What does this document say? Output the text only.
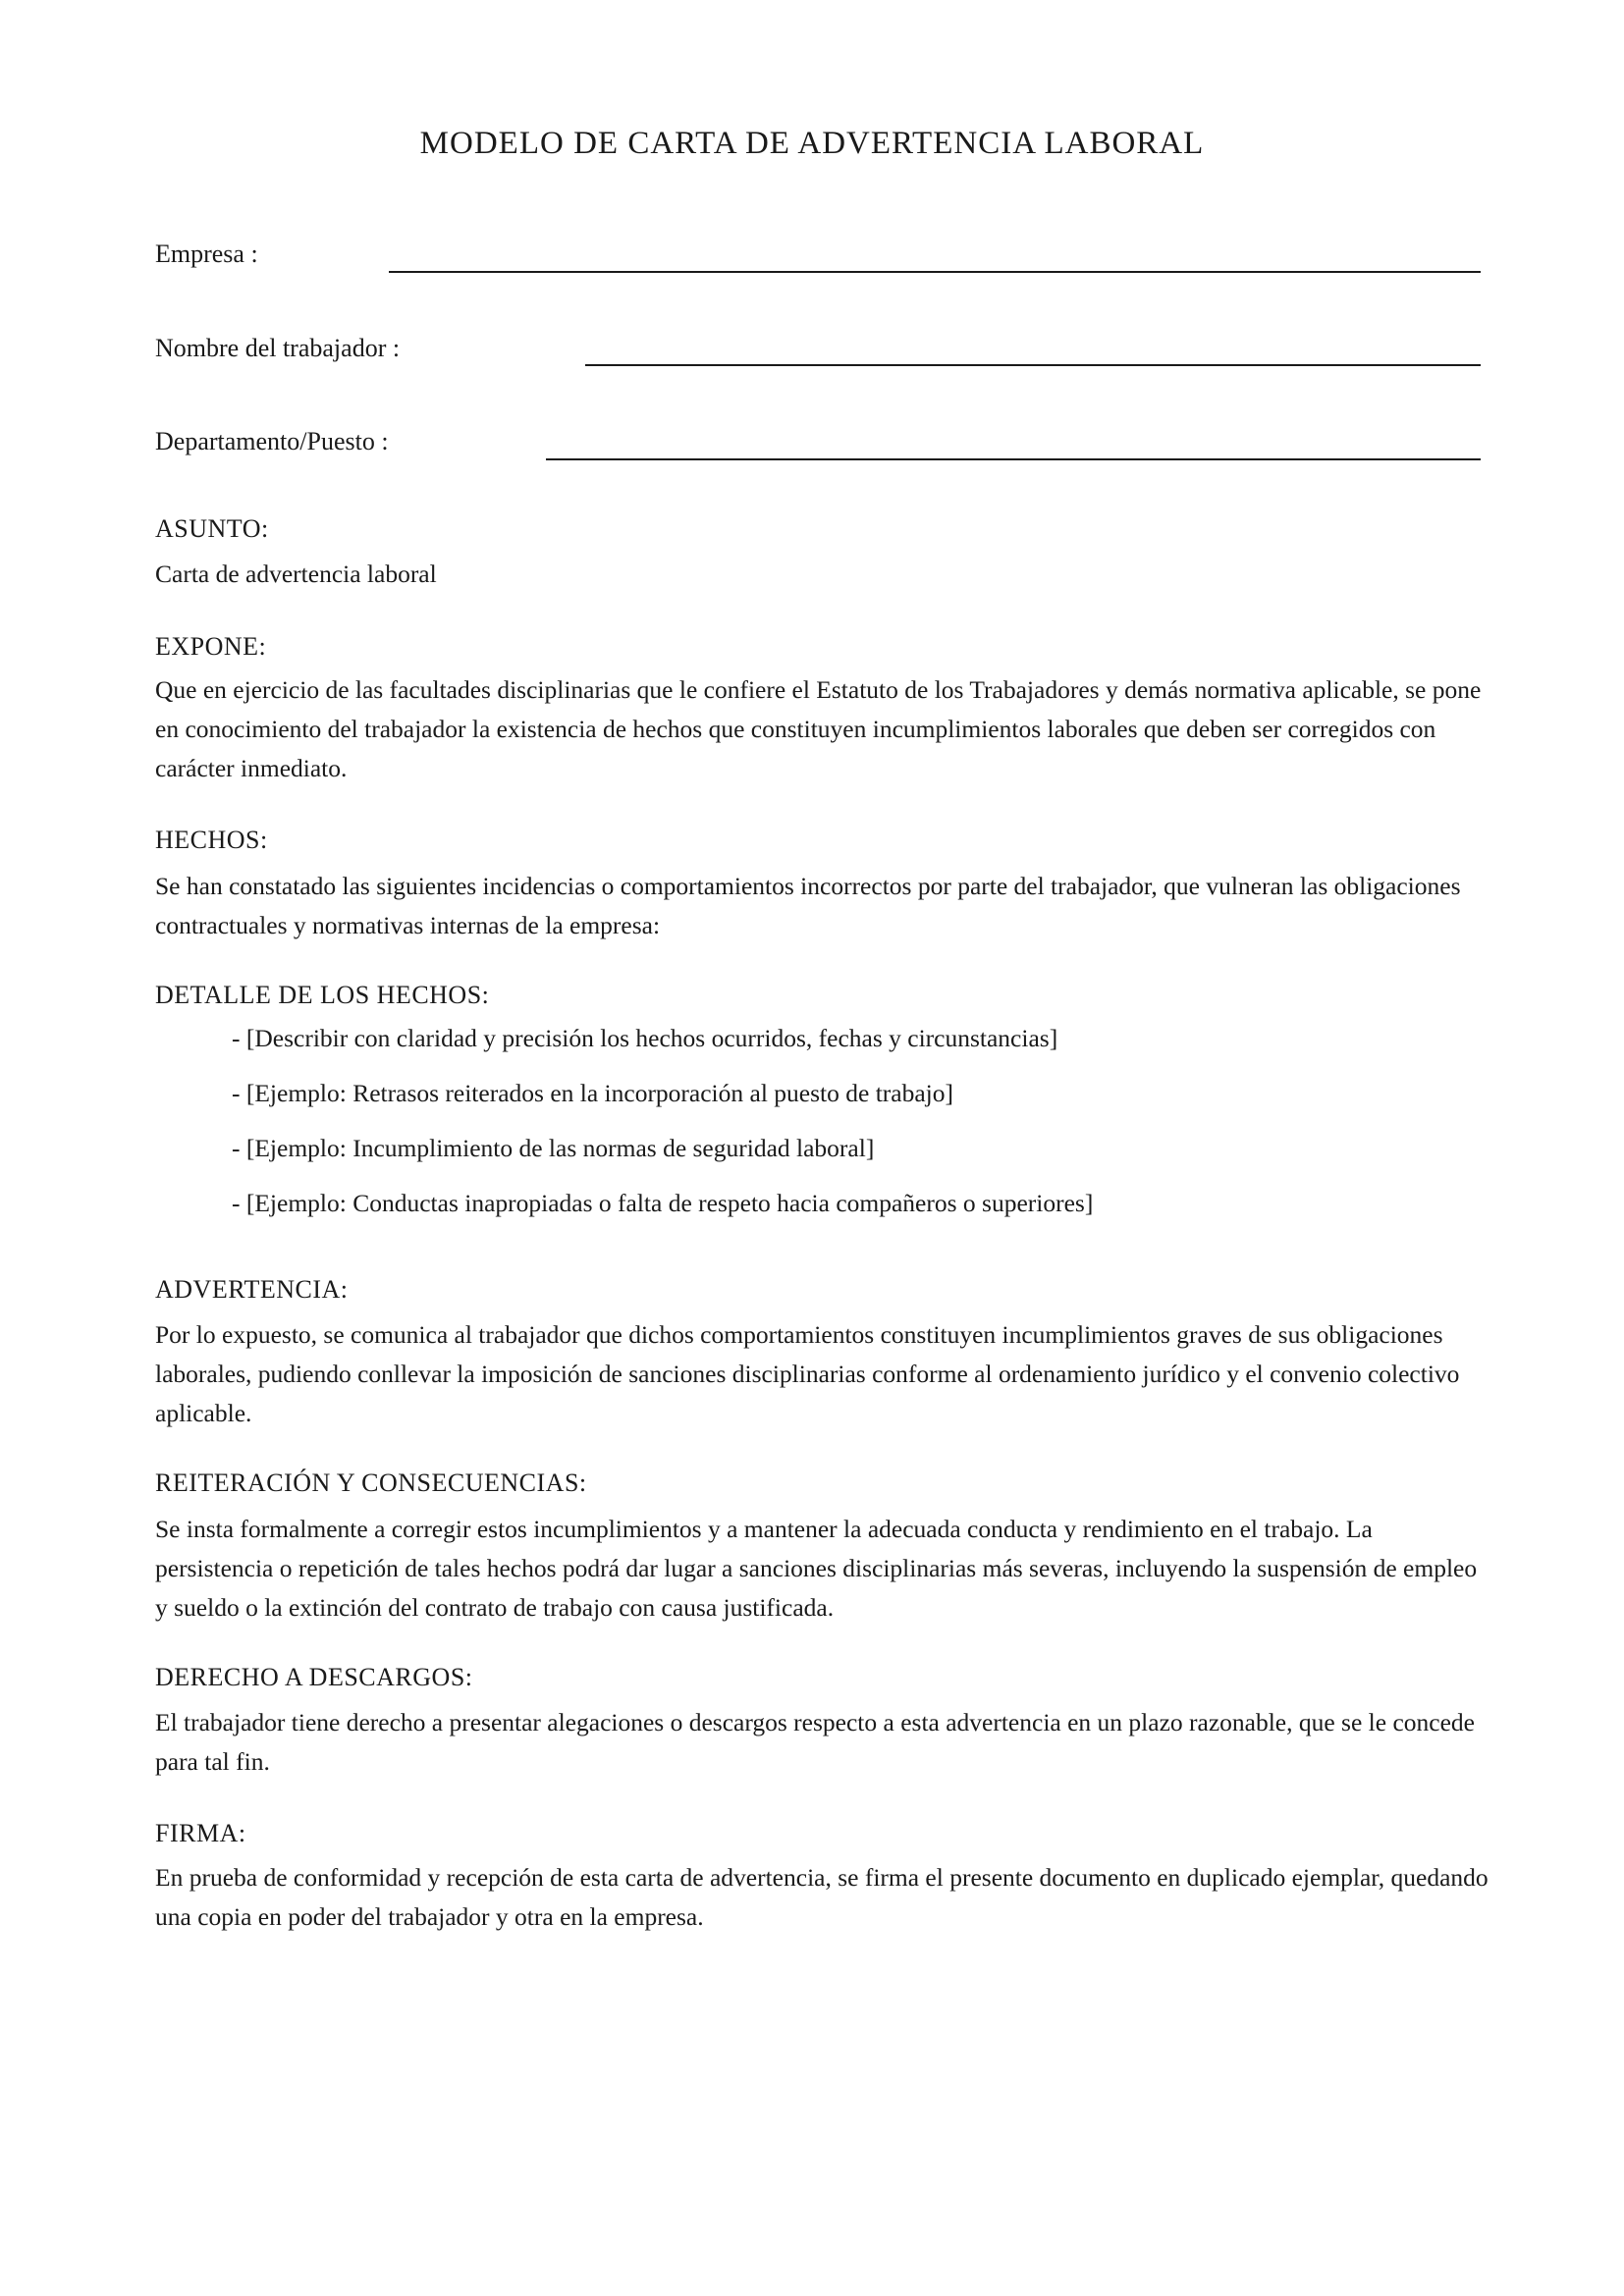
MODELO DE CARTA DE ADVERTENCIA LABORAL
Empresa :
Nombre del trabajador :
Departamento/Puesto :
ASUNTO:
Carta de advertencia laboral
EXPONE:
Que en ejercicio de las facultades disciplinarias que le confiere el Estatuto de los Trabajadores y demás normativa aplicable, se pone en conocimiento del trabajador la existencia de hechos que constituyen incumplimientos laborales que deben ser corregidos con carácter inmediato.
HECHOS:
Se han constatado las siguientes incidencias o comportamientos incorrectos por parte del trabajador, que vulneran las obligaciones contractuales y normativas internas de la empresa:
DETALLE DE LOS HECHOS:
- [Describir con claridad y precisión los hechos ocurridos, fechas y circunstancias]
- [Ejemplo: Retrasos reiterados en la incorporación al puesto de trabajo]
- [Ejemplo: Incumplimiento de las normas de seguridad laboral]
- [Ejemplo: Conductas inapropiadas o falta de respeto hacia compañeros o superiores]
ADVERTENCIA:
Por lo expuesto, se comunica al trabajador que dichos comportamientos constituyen incumplimientos graves de sus obligaciones laborales, pudiendo conllevar la imposición de sanciones disciplinarias conforme al ordenamiento jurídico y el convenio colectivo aplicable.
REITERACIÓN Y CONSECUENCIAS:
Se insta formalmente a corregir estos incumplimientos y a mantener la adecuada conducta y rendimiento en el trabajo. La persistencia o repetición de tales hechos podrá dar lugar a sanciones disciplinarias más severas, incluyendo la suspensión de empleo y sueldo o la extinción del contrato de trabajo con causa justificada.
DERECHO A DESCARGOS:
El trabajador tiene derecho a presentar alegaciones o descargos respecto a esta advertencia en un plazo razonable, que se le concede para tal fin.
FIRMA:
En prueba de conformidad y recepción de esta carta de advertencia, se firma el presente documento en duplicado ejemplar, quedando una copia en poder del trabajador y otra en la empresa.
